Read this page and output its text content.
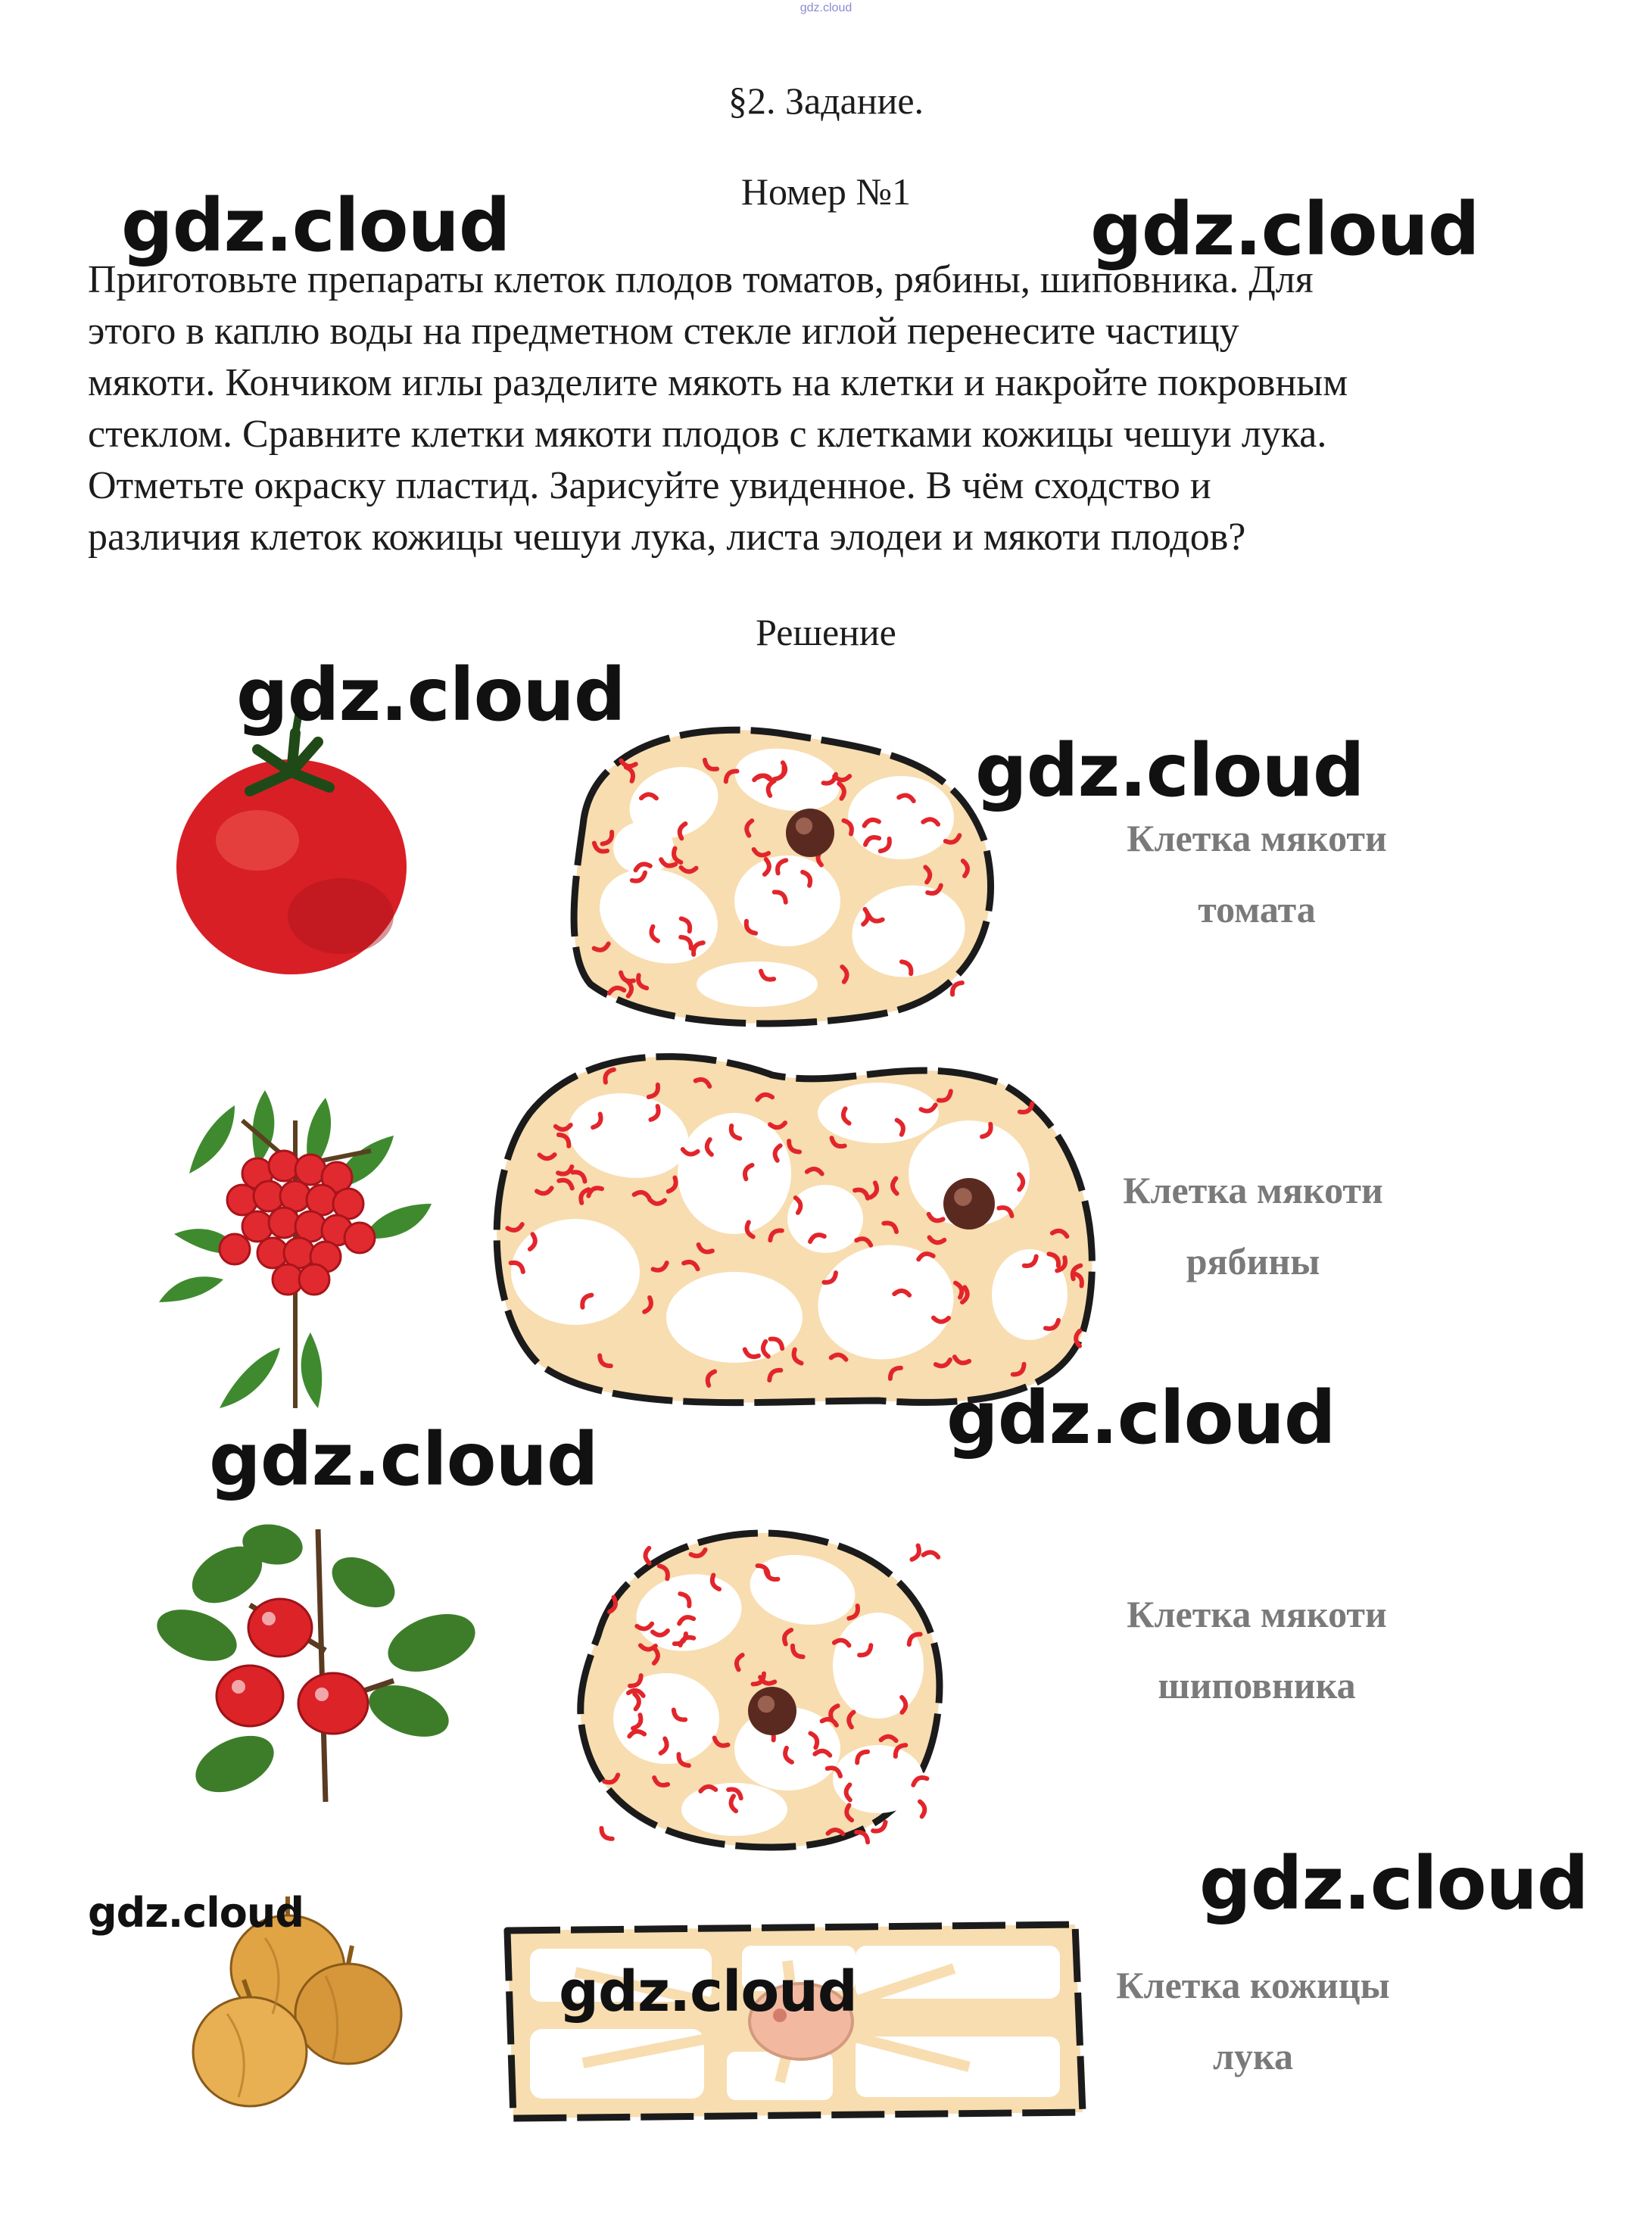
gdz.cloud
§2. Задание.
Номер №1

Приготовьте препараты клеток плодов томатов, рябины, шиповника. Для

этого в каплю воды на предметном стекле иглой перенесите частицу

мякоти. Кончиком иглы разделите мякоть на клетки и накройте покровным

стеклом. Сравните клетки мякоти плодов с клетками кожицы чешуи лука.

Отметьте окраску пластид. Зарисуйте увиденное. В чём сходство и

различия клеток кожицы чешуи лука, листа элодеи и мякоти плодов?

Решение
Клетка мякоти
томата
Клетка мякоти
рябины
Клетка мякоти
шиповника
Клетка кожицы
лука
gdz.cloud	gdz.cloud
gdz.cloud
gdz.cloud
gdz.cloud
gdz.cloud
gdz.cloud
gdz.cloud
gdz.cloud
